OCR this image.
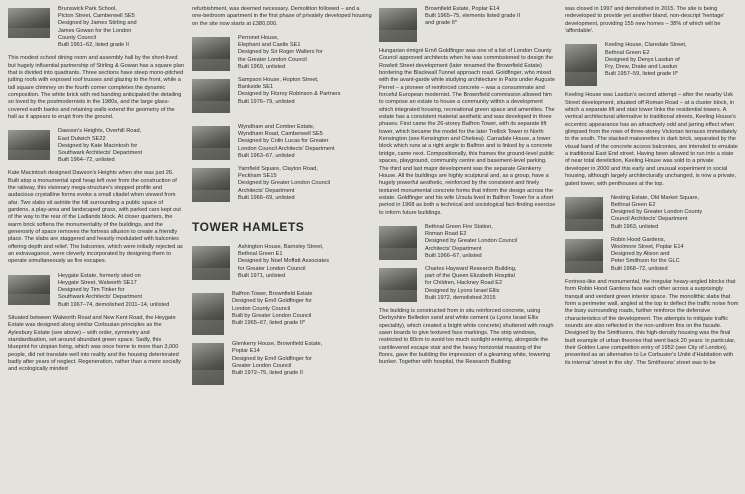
Brunswick Park School,
Picton Street, Camberwell SE5
Designed by James Stirling and
James Gowan for the London
County Council
Built 1961–62, listed grade II

This modest school dining room and assembly hall by the short-lived but hugely influential partnership of Stirling & Gowan has a square plan that is divided into quadrants. Three sections have steep mono-pitched jutting roofs with exposed roof trusses and glazing to the front, while a tall square chimney on the fourth corner completes the dynamic composition. The white brick with red banding anticipated the detailing so loved by the postmodernists in the 1980s, and the large glass-covered earth banks and retaining walls extend the geometry of the hall as it appears to erupt from the ground.

Dawson's Heights, Overhill Road,
East Dulwich SE22
Designed by Kate Macintosh for
Southwark Architects' Department
Built 1964–72, unlisted

Kate Macintosh designed Dawson's Heights when she was just 26. Built atop a monumental spoil heap left over from the construction of the railway, this visionary mega-structure's stepped profile and audacious crystalline forms evoke a small citadel when viewed from afar. Two slabs sit astride the hill surrounding a public space of gardens, a play-area and landscaped grass, with parked cars kept out of the way to the rear of the Ladlands block. At closer quarters, the warm brick softens the monumentality of the buildings, and the generosity of space removes the fortress allusion to create a friendly place. The slabs are staggered and heavily modulated with balconies offering depth and relief. The balconies, which were initially rejected as an extravagance, were cleverly incorporated by designing them to operate simultaneously as fire escapes.

Heygate Estate, formerly sited on
Heygate Street, Walworth SE17
Designed by Tim Tinker for
Southwark Architects' Department
Built 1967–74, demolished 2011–14, unlisted

Situated between Walworth Road and New Kent Road, the Heygate Estate was designed along similar Corbusian principles as the Aylesbury Estate (see above) – with order, symmetry and standardisation, set around abundant green space. Sadly, this blueprint for utopian living, which was once home to more than 3,000 people, did not translate well into reality and the housing deteriorated badly after years of neglect. Regeneration, rather than a more socially and ecologically minded

refurbishment, was deemed necessary. Demolition followed – and a one-bedroom apartment in the first phase of privately developed housing on the site now starts at £380,000.

Perronet House,
Elephant and Castle SE1
Designed by Sir Roger Walters for
the Greater London Council
Built 1969, unlisted
Sampson House, Hopton Street,
Bankside SE1
Designed by Fitzroy Robinson & Partners
Built 1976–79, unlisted
Wyndham and Comber Estate,
Wyndham Road, Camberwell SE5
Designed by Colin Lucas for Greater
London Council Architects' Department
Built 1963–67, unlisted
Yarnfield Square, Clayton Road,
Peckham SE15
Designed by Greater London Council
Architects' Department
Built 1966–69, unlisted
TOWER HAMLETS
Ashington House, Barnsley Street,
Bethnal Green E1
Designed by Noel Moffatt Associates
for Greater London Council
Built 1971, unlisted
Balfron Tower, Brownfield Estate
Designed by Ernő Goldfinger for
London County Council
Built by Greater London Council
Built 1965–67, listed grade II*
Glenkerry House, Brownfield Estate,
Poplar E14
Designed by Ernő Goldfinger for
Greater London Council
Built 1972–75, listed grade II
Brownfield Estate, Poplar E14
Built 1965–75, elements listed grade II
and grade II*

Hungarian émigré Ernő Goldfinger was one of a list of London County Council approved architects when he was commissioned to design the Rowlett Street development (later renamed the Brownfield Estate) bordering the Blackwall Tunnel approach road. Goldfinger, who mixed with the avant-garde while studying architecture in Paris under Auguste Perret – a pioneer of reinforced concrete – was a consummate and forceful European modernist. The Brownfield commission allowed him to compose an estate to house a community within a development which integrated housing, recreational green space and amenities. The estate has a consistent material aesthetic and was developed in three phases. First came the 26-storey Balfron Tower, with its separate lift tower, which became the model for the later Trellick Tower in North Kensington (see Kensington and Chelsea). Carradale House, a tower block which runs at a right angle to Balfron and is linked by a concrete bridge, came next. Compositionally, this frames the ground-level public spaces, playground, community centre and basement-level parking. The third and last major development was the separate Glenkerry House. All the buildings are highly sculptural and, as a group, have a hugely powerful aesthetic, reinforced by the consistent and finely textured monumental concrete forms that inform the design across the estate. Goldfinger and his wife Ursula lived in Balfron Tower for a short period in 1968 as both a technical and sociological fact-finding exercise to inform future buildings.

Bethnal Green Fire Station,
Roman Road E2
Designed by Greater London Council
Architects' Department
Built 1966–67, unlisted
Charles Hayward Research Building,
part of the Queen Elizabeth Hospital
for Children, Hackney Road E2
Designed by Lyons Israel Ellis
Built 1972, demolished 2015

The building is constructed from in situ reinforced concrete, using Derbyshire Belledon sand and white cement (a Lyons Israel Ellis speciality), which created a bright white concrete) shuttered with rough sawn boards to give textured face markings. The strip windows, restricted to 80cm to avoid too much sunlight entering, alongside the cantilevered escape stair and the heavy horizontal massing of the floors, gave the building the impression of a gleaming white, towering bunker. Together with hospital, the Research Building

was closed in 1997 and demolished in 2015. The site is being redeveloped to provide yet another bland, non-descript 'heritage' development, providing 155 new homes – 38% of which will be 'affordable'.

Keeling House, Claredale Street,
Bethnal Green E2
Designed by Denys Lasdun of
Fry, Drew, Drake and Lasdun
Built 1957–59, listed grade II*

Keeling House was Lasdun's second attempt – after the nearby Usk Street development, situated off Roman Road – at a cluster block, in which a separate lift and stair tower links the residential towers. A vertical architectural alternative to traditional streets, Keeling House's eccentric appearance has an attractively odd and jarring effect when glimpsed from the rows of three-storey Victorian terraces immediately to the south. The stacked maisonettes in dark brick, separated by the visual band of the concrete access balconies, are intended to emulate a traditional East End street. Having been allowed to run into a state of near total dereliction, Keeling House was sold to a private developer in 2000 and this early and unusual experiment in social housing, although largely architecturally unchanged, is now a private, gated tower, with penthouses at the top.

Nesting Estate, Old Market Square,
Bethnal Green E2
Designed by Greater London County
Council Architects' Department
Built 1963, unlisted
Robin Hood Gardens,
Woolmore Street, Poplar E14
Designed by Alison and
Peter Smithson for the GLC
Built 1968–72, unlisted

Fortress-like and monumental, the irregular heavy-angled blocks that form Robin Hood Gardens face each other across a surprisingly tranquil and verdant green interior space. The monolithic slabs that form a perimeter wall, angled at the top to deflect the traffic noise from the busy surrounding roads, further reinforce the defensive characteristics of the development. The attempts to mitigate traffic sounds are also reflected in the non-uniform fins on the facade. Designed by the Smithsons, this high-density housing was the final built example of urban theories that went back 20 years: in particular, their Golden Lane competition entry of 1952 (see City of London), presented as an alternative to Le Corbusier's Unité d'Habitation with its internal 'street in the sky'. The Smithsons' street was to be
